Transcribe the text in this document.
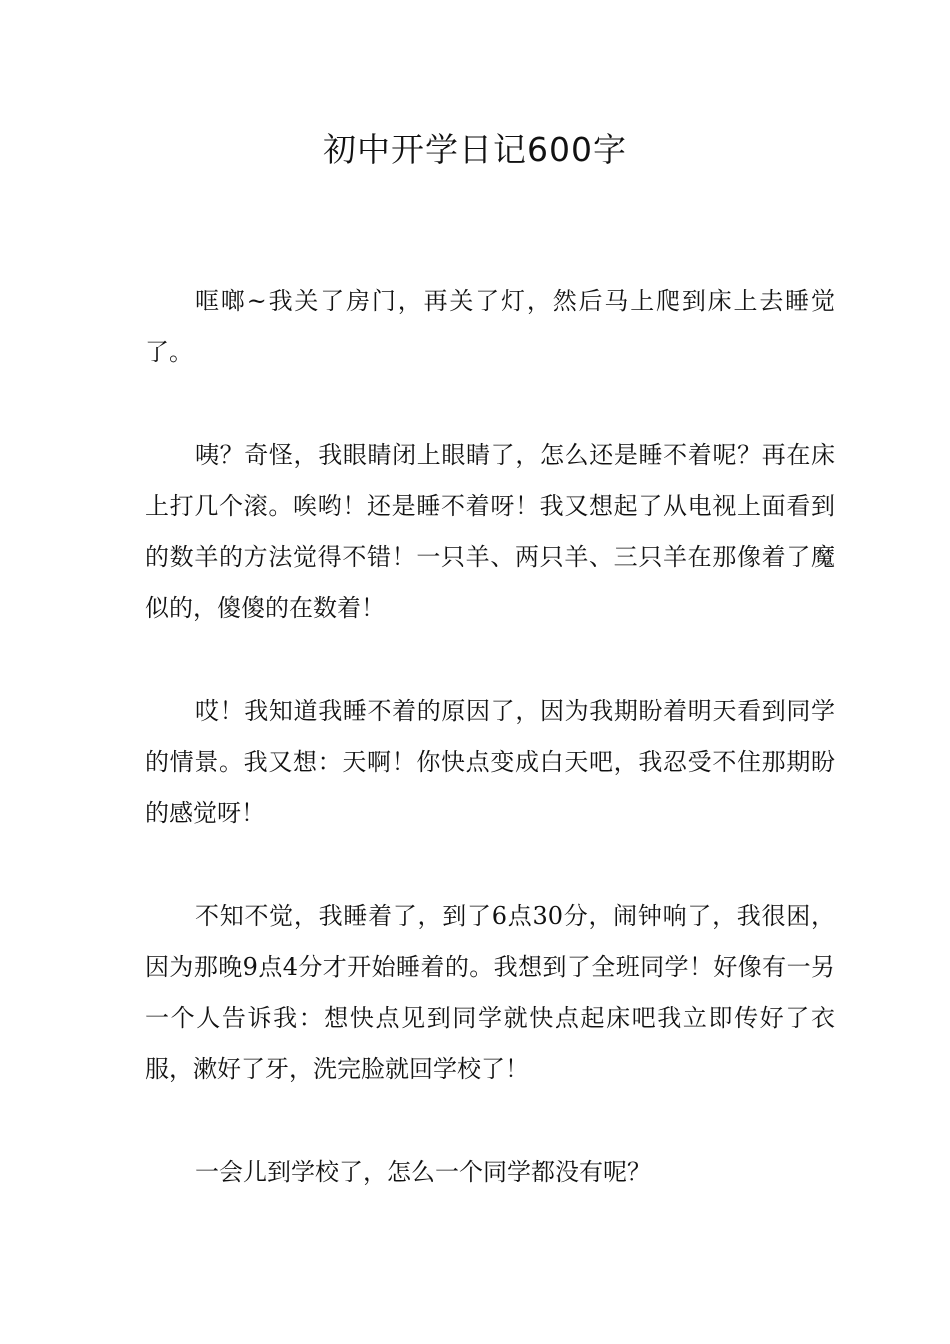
初中开学日记600字

哐啷~我关了房门，再关了灯，然后马上爬到床上去睡觉了。

咦？奇怪，我眼睛闭上眼睛了，怎么还是睡不着呢？再在床上打几个滚。唉哟！还是睡不着呀！我又想起了从电视上面看到的数羊的方法觉得不错！一只羊、两只羊、三只羊在那像着了魔似的，傻傻的在数着！

哎！我知道我睡不着的原因了，因为我期盼着明天看到同学的情景。我又想：天啊！你快点变成白天吧，我忍受不住那期盼的感觉呀！

不知不觉，我睡着了，到了6点30分，闹钟响了，我很困，因为那晚9点4分才开始睡着的。我想到了全班同学！好像有一另一个人告诉我：想快点见到同学就快点起床吧我立即传好了衣服，漱好了牙，洗完脸就回学校了！

一会儿到学校了，怎么一个同学都没有呢？
